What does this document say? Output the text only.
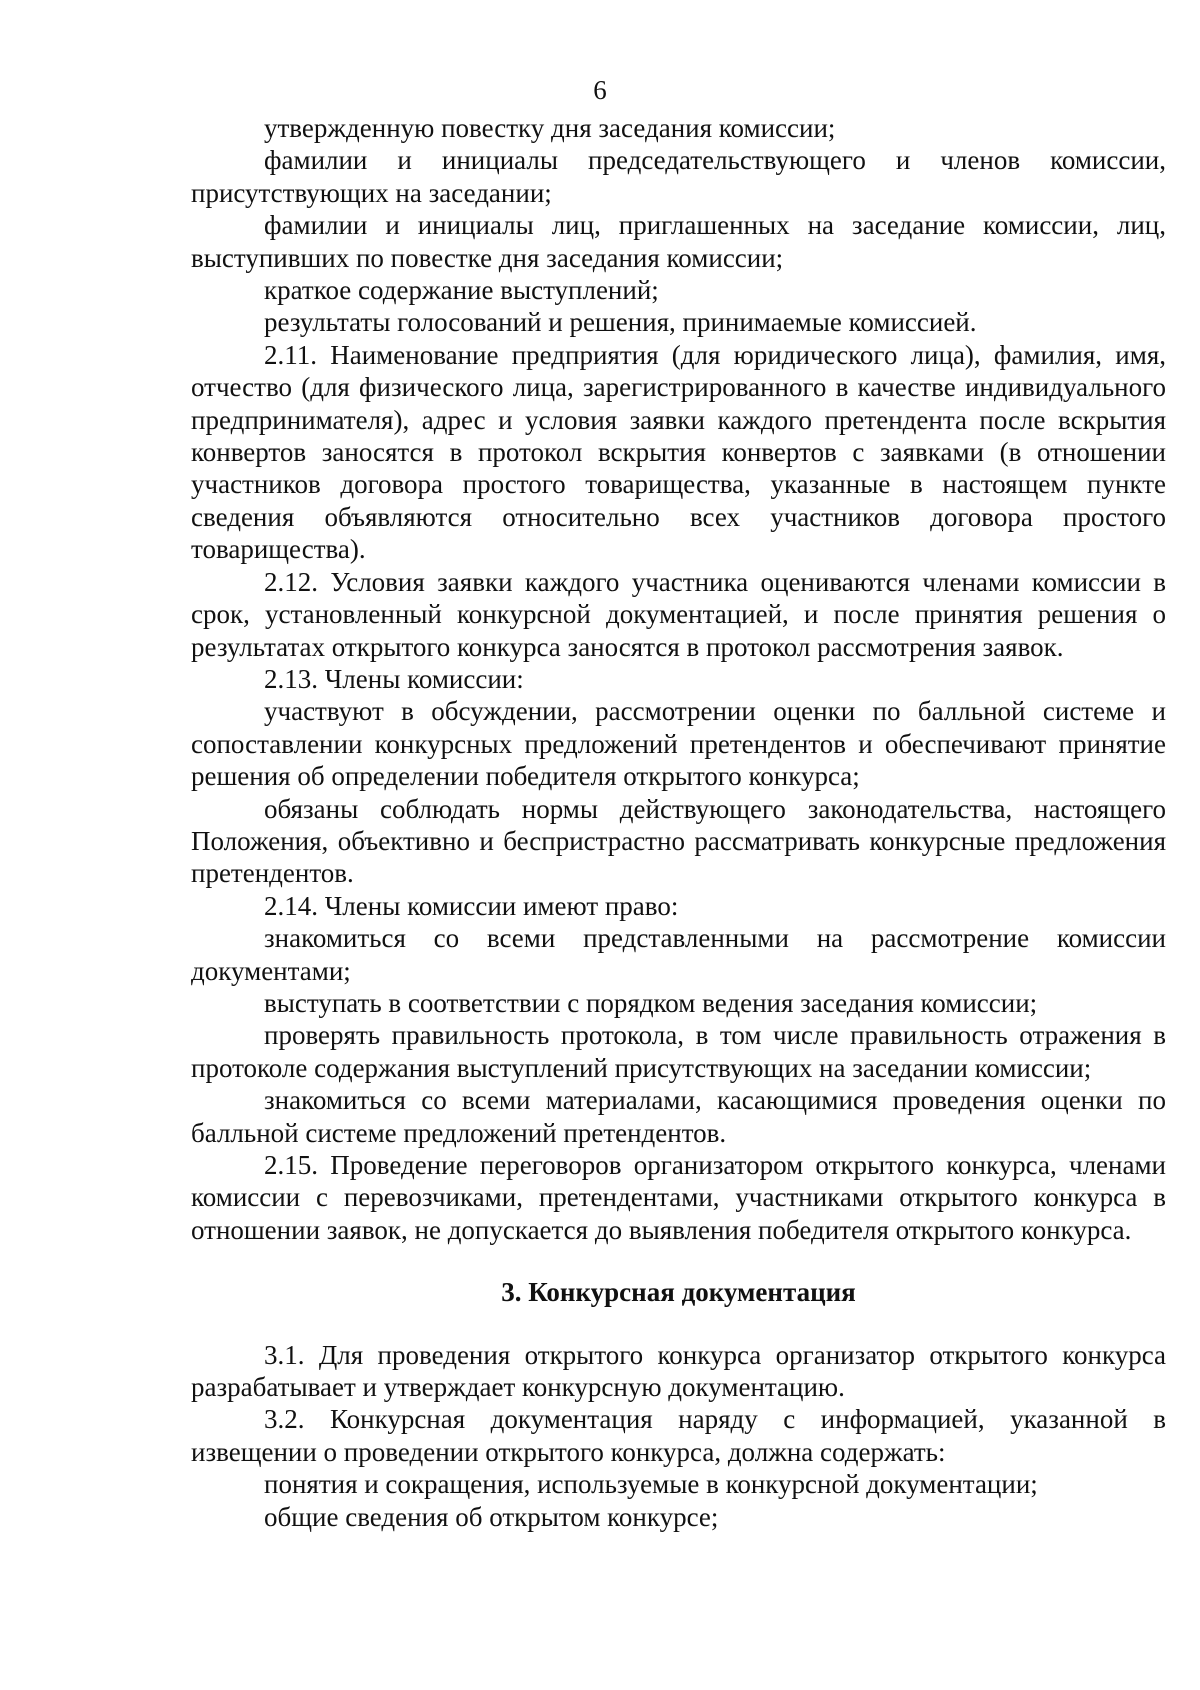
6

утвержденную повестку дня заседания комиссии;

фамилии и инициалы председательствующего и членов комиссии, присутствующих на заседании;

фамилии и инициалы лиц, приглашенных на заседание комиссии, лиц, выступивших по повестке дня заседания комиссии;

краткое содержание выступлений;

результаты голосований и решения, принимаемые комиссией.

2.11. Наименование предприятия (для юридического лица), фамилия, имя, отчество (для физического лица, зарегистрированного в качестве индивидуального предпринимателя), адрес и условия заявки каждого претендента после вскрытия конвертов заносятся в протокол вскрытия конвертов с заявками (в отношении участников договора простого товарищества, указанные в настоящем пункте сведения объявляются относительно всех участников договора простого товарищества).

2.12. Условия заявки каждого участника оцениваются членами комиссии в срок, установленный конкурсной документацией, и после принятия решения о результатах открытого конкурса заносятся в протокол рассмотрения заявок.

2.13. Члены комиссии:

участвуют в обсуждении, рассмотрении оценки по балльной системе и сопоставлении конкурсных предложений претендентов и обеспечивают принятие решения об определении победителя открытого конкурса;

обязаны соблюдать нормы действующего законодательства, настоящего Положения, объективно и беспристрастно рассматривать конкурсные предложения претендентов.

2.14. Члены комиссии имеют право:

знакомиться со всеми представленными на рассмотрение комиссии документами;

выступать в соответствии с порядком ведения заседания комиссии;

проверять правильность протокола, в том числе правильность отражения в протоколе содержания выступлений присутствующих на заседании комиссии;

знакомиться со всеми материалами, касающимися проведения оценки по балльной системе предложений претендентов.

2.15. Проведение переговоров организатором открытого конкурса, членами комиссии с перевозчиками, претендентами, участниками открытого конкурса в отношении заявок, не допускается до выявления победителя открытого конкурса.

3. Конкурсная документация

3.1. Для проведения открытого конкурса организатор открытого конкурса разрабатывает и утверждает конкурсную документацию.

3.2. Конкурсная документация наряду с информацией, указанной в извещении о проведении открытого конкурса, должна содержать:

понятия и сокращения, используемые в конкурсной документации;

общие сведения об открытом конкурсе;
